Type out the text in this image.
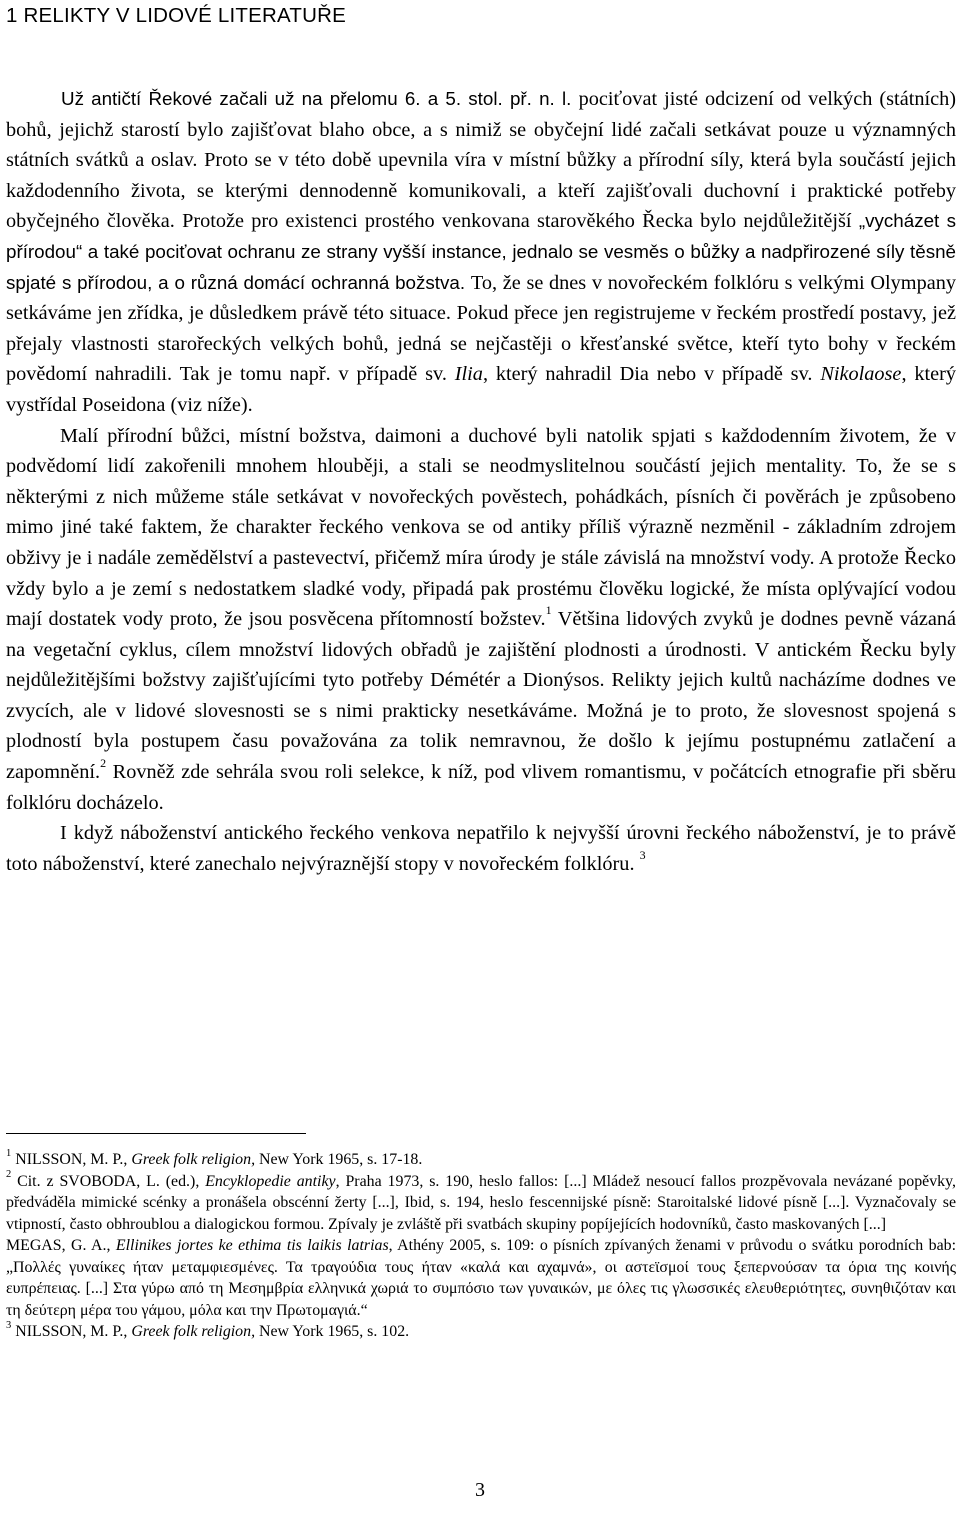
1 RELIKTY V LIDOVÉ LITERATUŘE

Už antičtí Řekové začali už na přelomu 6. a 5. stol. př. n. l. pociťovat jisté odcizení od velkých (státních) bohů, jejichž starostí bylo zajišťovat blaho obce, a s nimiž se obyčejní lidé začali setkávat pouze u významných státních svátků a oslav. Proto se v této době upevnila víra v místní bůžky a přírodní síly, která byla součástí jejich každodenního života, se kterými dennodenně komunikovali, a kteří zajišťovali duchovní i praktické potřeby obyčejného člověka. Protože pro existenci prostého venkovana starověkého Řecka bylo nejdůležitější „vycházet s přírodou“ a také pociťovat ochranu ze strany vyšší instance, jednalo se vesměs o bůžky a nadpřirozené síly těsně spjaté s přírodou, a o různá domácí ochranná božstva. To, že se dnes v novořeckém folklóru s velkými Olympany setkáváme jen zřídka, je důsledkem právě této situace. Pokud přece jen registrujeme v řeckém prostředí postavy, jež přejaly vlastnosti starořeckých velkých bohů, jedná se nejčastěji o křesťanské světce, kteří tyto bohy v řeckém povědomí nahradili. Tak je tomu např. v případě sv. Ilia, který nahradil Dia nebo v případě sv. Nikolaose, který vystřídal Poseidona (viz níže).

Malí přírodní bůžci, místní božstva, daimoni a duchové byli natolik spjati s každodenním životem, že v podvědomí lidí zakořenili mnohem hlouběji, a stali se neodmyslitelnou součástí jejich mentality. To, že se s některými z nich můžeme stále setkávat v novořeckých pověstech, pohádkách, písních či pověrách je způsobeno mimo jiné také faktem, že charakter řeckého venkova se od antiky příliš výrazně nezměnil - základním zdrojem obživy je i nadále zemědělství a pastevectví, přičemž míra úrody je stále závislá na množství vody. A protože Řecko vždy bylo a je zemí s nedostatkem sladké vody, připadá pak prostému člověku logické, že místa oplývající vodou mají dostatek vody proto, že jsou posvěcena přítomností božstev.$^1$ Většina lidových zvyků je dodnes pevně vázaná na vegetační cyklus, cílem množství lidových obřadů je zajištění plodnosti a úrodnosti. V antickém Řecku byly nejdůležitějšími božstvy zajišťujícími tyto potřeby Démétér a Dionýsos. Relikty jejich kultů nacházíme dodnes ve zvycích, ale v lidové slovesnosti se s nimi prakticky nesetkáváme. Možná je to proto, že slovesnost spojená s plodností byla postupem času považována za tolik nemravnou, že došlo k jejímu postupnému zatlačení a zapomnění.$^2$ Rovněž zde sehrála svou roli selekce, k níž, pod vlivem romantismu, v počátcích etnografie při sběru folklóru docházelo.

I když náboženství antického řeckého venkova nepatřilo k nejvyšší úrovni řeckého náboženství, je to právě toto náboženství, které zanechalo nejvýraznější stopy v novořeckém folklóru. $^3$

$^1$ NILSSON, M. P., Greek folk religion, New York 1965, s. 17-18.

$^2$ Cit. z SVOBODA, L. (ed.), Encyklopedie antiky, Praha 1973, s. 190, heslo fallos: [...] Mládež nesoucí fallos prozpěvovala nevázané popěvky, předváděla mimické scénky a pronášela obscénní žerty [...], Ibid, s. 194, heslo fescennijské písně: Staroitalské lidové písně [...]. Vyznačovaly se vtipností, často obhroublou a dialogickou formou. Zpívaly je zvláště při svatbách skupiny popíjejících hodovníků, často maskovaných [...]

MEGAS, G. A., Ellinikes jortes ke ethima tis laikis latrias, Athény 2005, s. 109: o písních zpívaných ženami v průvodu o svátku porodních bab: „Πολλές γυναίκες ήταν μεταμφιεσμένες. Τα τραγούδια τους ήταν «καλά και αχαμνά», οι αστεϊσμοί τους ξεπερνούσαν τα όρια της κοινής ευπρέπειας. [...] Στα γύρω από τη Μεσημβρία ελληνικά χωριά το συμπόσιο των γυναικών, με όλες τις γλωσσικές ελευθεριότητες, συνηθιζόταν και τη δεύτερη μέρα του γάμου, μόλα και την Πρωτομαγιά.“

$^3$ NILSSON, M. P., Greek folk religion, New York 1965, s. 102.

3
